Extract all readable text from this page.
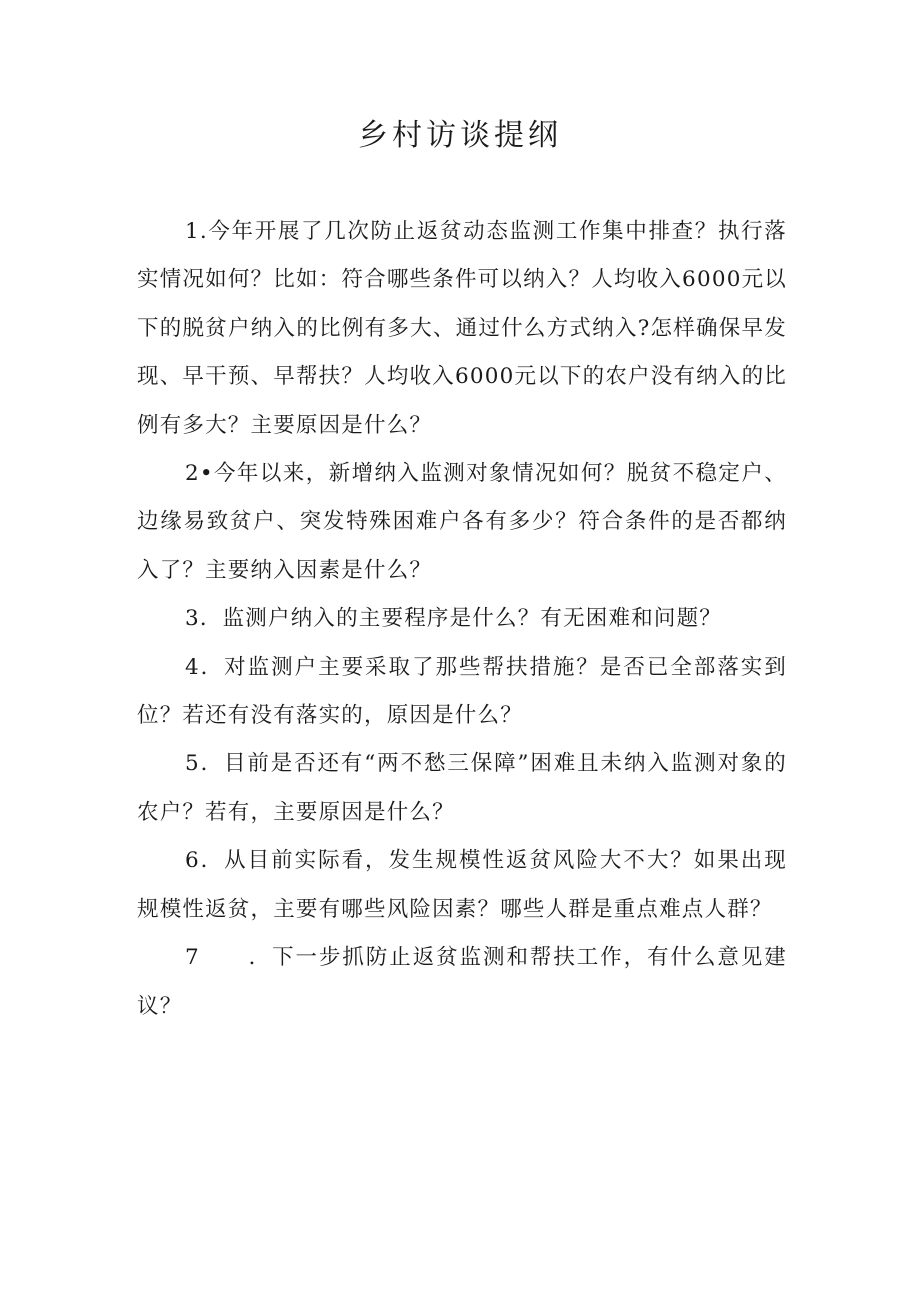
乡村访谈提纲

1.今年开展了几次防止返贫动态监测工作集中排查？执行落实情况如何？比如：符合哪些条件可以纳入？人均收入6000元以下的脱贫户纳入的比例有多大、通过什么方式纳入?怎样确保早发现、早干预、早帮扶？人均收入6000元以下的农户没有纳入的比例有多大？主要原因是什么？

2•今年以来，新增纳入监测对象情况如何？脱贫不稳定户、边缘易致贫户、突发特殊困难户各有多少？符合条件的是否都纳入了？主要纳入因素是什么？

3．监测户纳入的主要程序是什么？有无困难和问题？

4．对监测户主要采取了那些帮扶措施？是否已全部落实到位？若还有没有落实的，原因是什么？

5．目前是否还有“两不愁三保障”困难且未纳入监测对象的农户？若有，主要原因是什么？

6．从目前实际看，发生规模性返贫风险大不大？如果出现规模性返贫，主要有哪些风险因素？哪些人群是重点难点人群？

7 ．下一步抓防止返贫监测和帮扶工作，有什么意见建议？
